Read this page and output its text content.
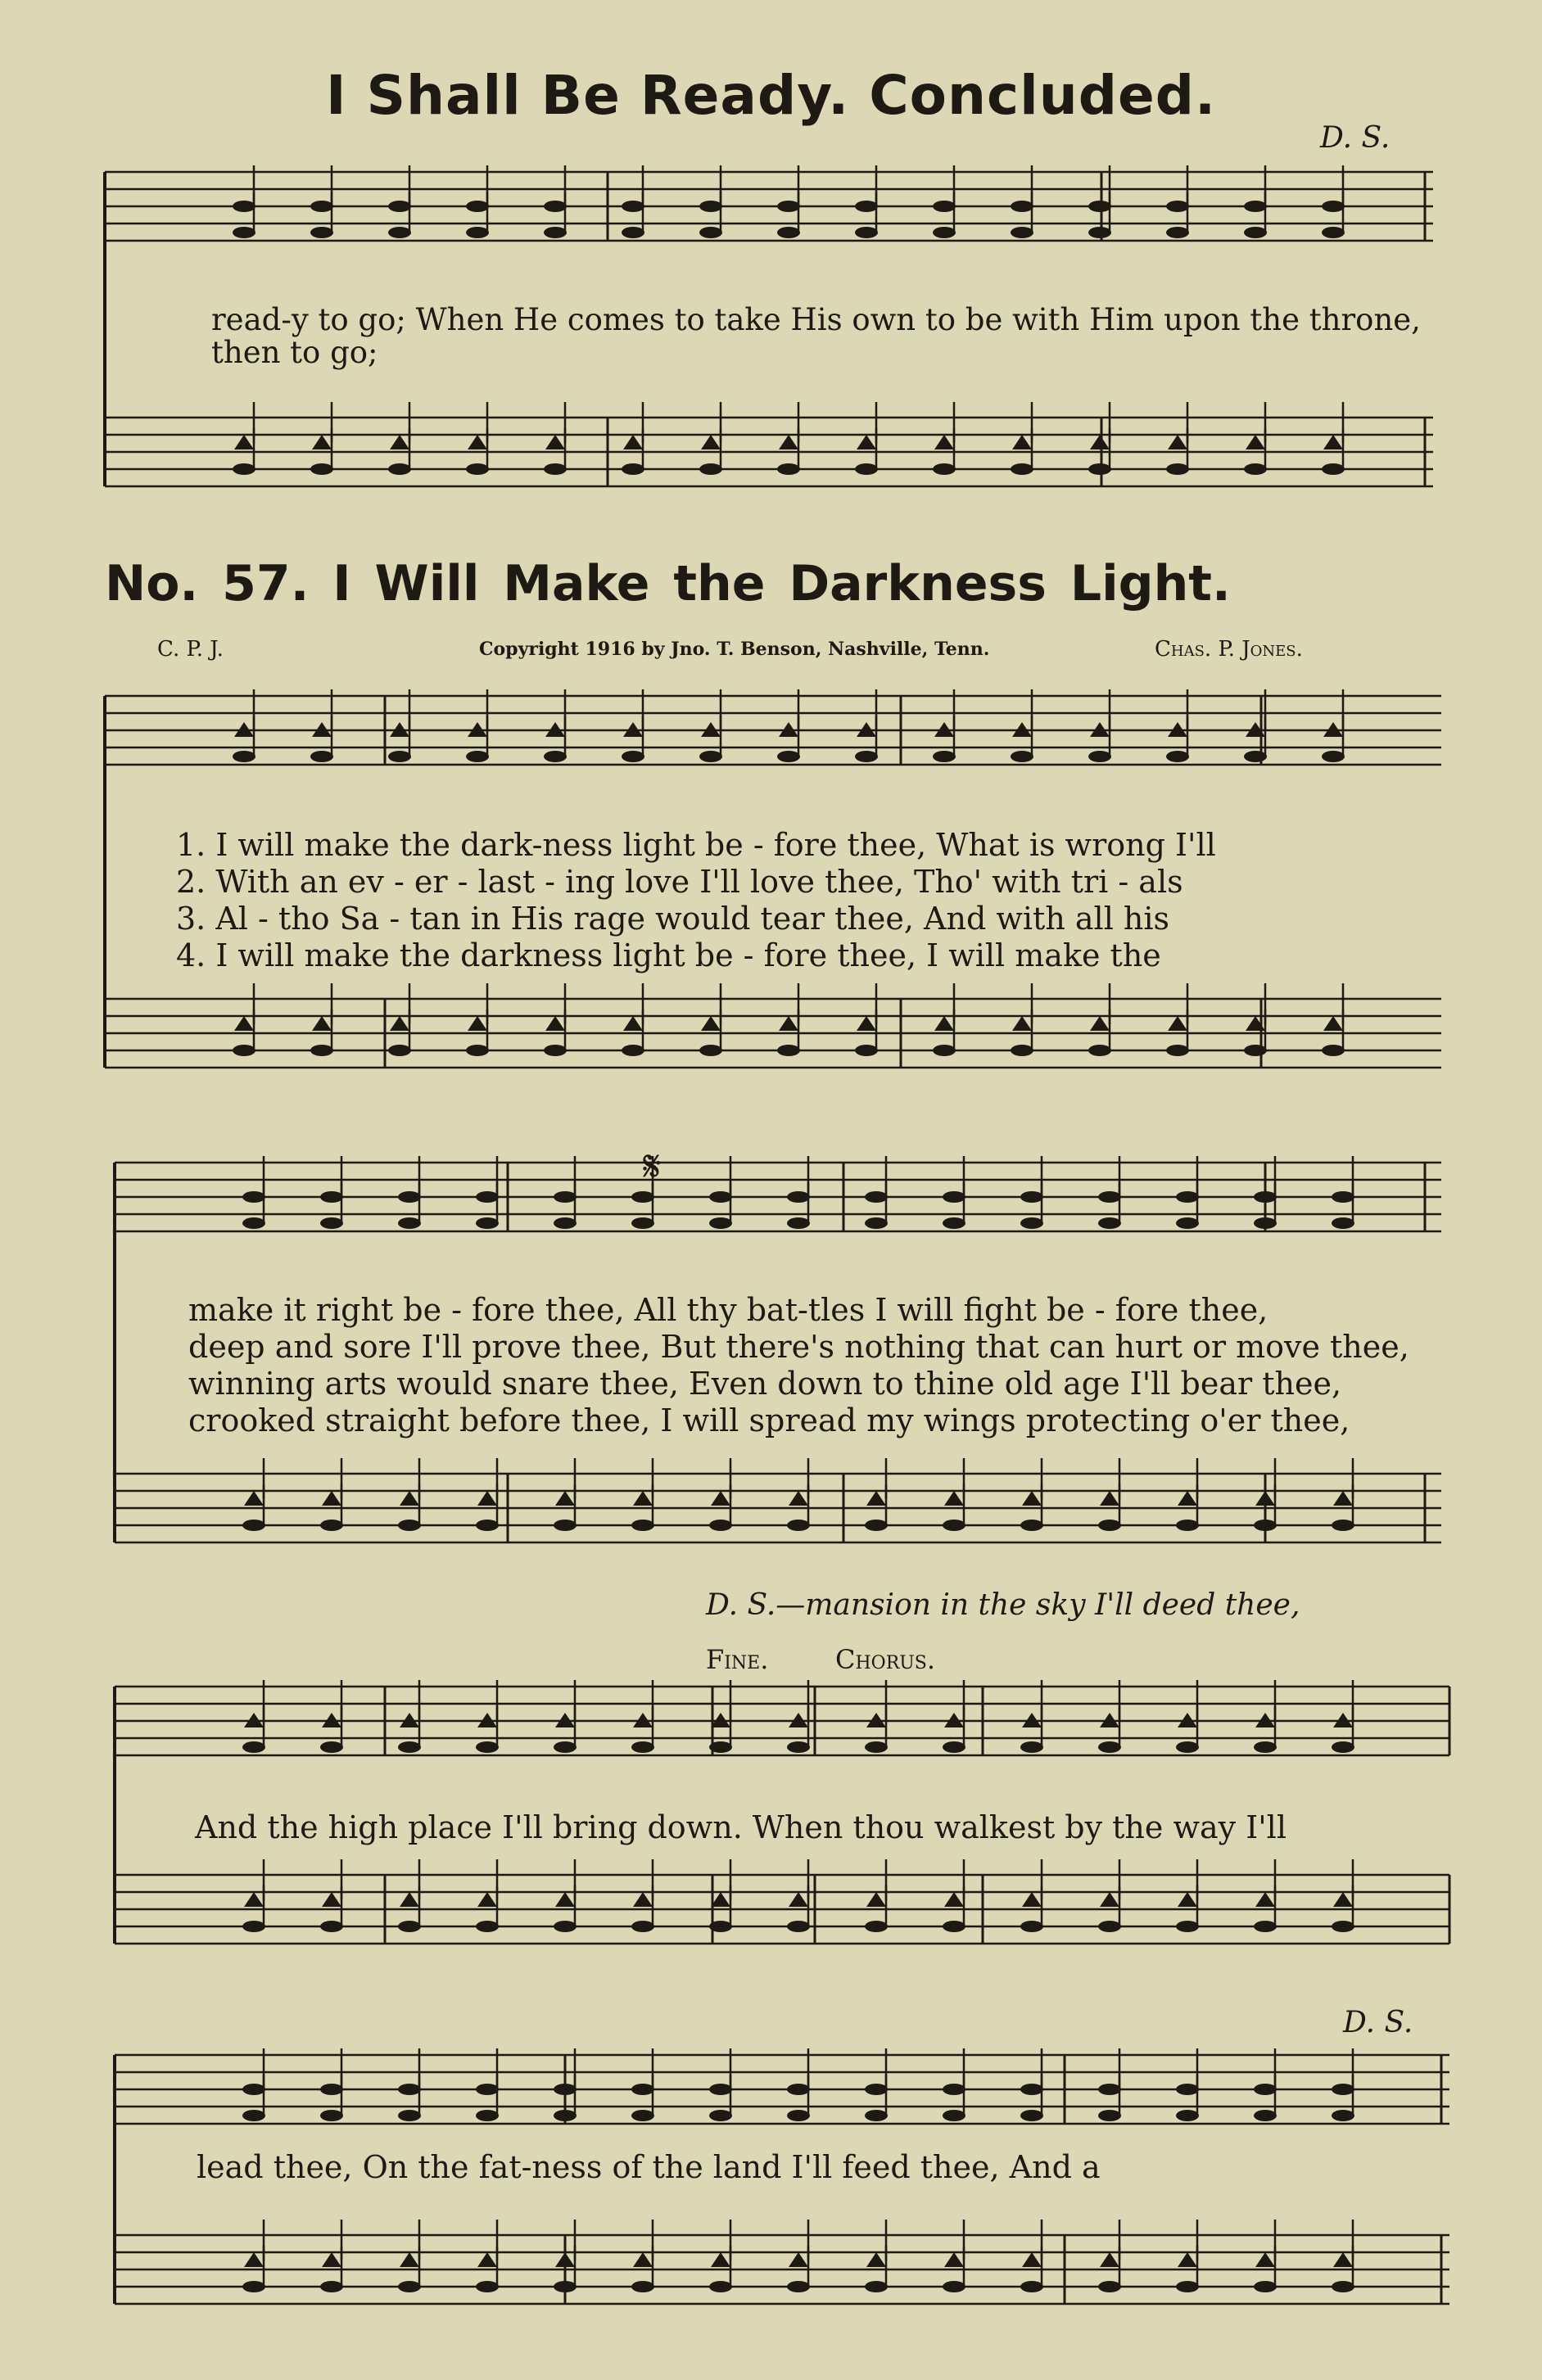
I Shall Be Ready. Concluded.
D. S.
read-y to go; When He comes to take His own to be with Him upon the throne,
then to go;
No. 57. I Will Make the Darkness Light.
C. P. J.	Copyright 1916 by Jno. T. Benson, Nashville, Tenn.	Chas. P. Jones.
1. I will make the dark-ness light be - fore thee, What is wrong I'll
2. With an ev - er - last - ing love I'll love thee, Tho' with tri - als
3. Al - tho Sa - tan in His rage would tear thee, And with all his
4. I will make the darkness light be - fore thee, I will make the
make it right be - fore thee, All thy bat-tles I will fight be - fore thee,
deep and sore I'll prove thee, But there's nothing that can hurt or move thee,
winning arts would snare thee, Even down to thine old age I'll bear thee,
crooked straight before thee, I will spread my wings protecting o'er thee,
D. S.—mansion in the sky I'll deed thee,
Fine.	Chorus.
And the high place I'll bring down. When thou walkest by the way I'll
D. S.
lead thee, On the fat-ness of the land I'll feed thee, And a
𝄋
